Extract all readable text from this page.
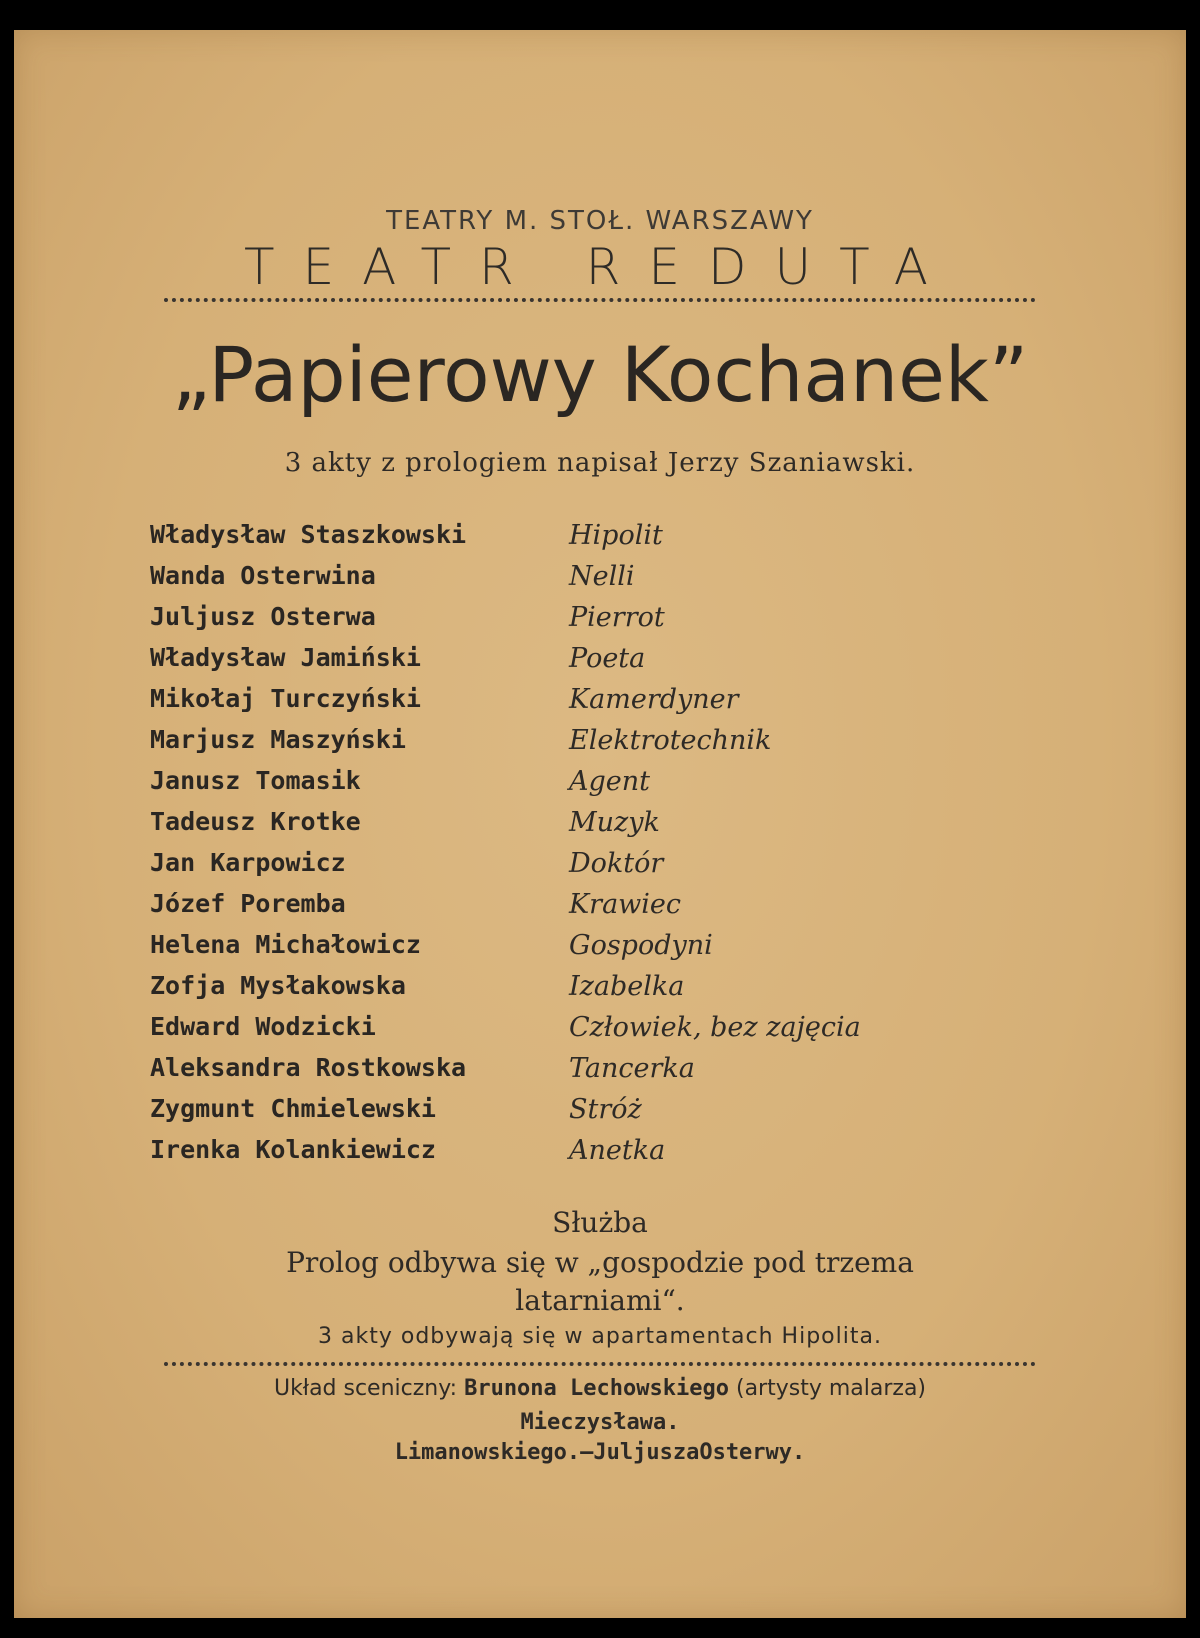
TEATRY M. STOŁ. WARSZAWY

TEATR REDUTA

„Papierowy Kochanek”

3 akty z prologiem napisał Jerzy Szaniawski.

Władysław Staszkowski	Hipolit
Wanda Osterwina	Nelli
Juljusz Osterwa	Pierrot
Władysław Jamiński	Poeta
Mikołaj Turczyński	Kamerdyner
Marjusz Maszyński	Elektrotechnik
Janusz Tomasik	Agent
Tadeusz Krotke	Muzyk
Jan Karpowicz	Doktór
Józef Poremba	Krawiec
Helena Michałowicz	Gospodyni
Zofja Mysłakowska	Izabelka
Edward Wodzicki	Człowiek, bez zajęcia
Aleksandra Rostkowska	Tancerka
Zygmunt Chmielewski	Stróż
Irenka Kolankiewicz	Anetka

Służba

Prolog odbywa się w „gospodzie pod trzema

latarniami“.

3 akty odbywają się w apartamentach Hipolita.

Układ sceniczny: Brunona Lechowskiego (artysty malarza)

Mieczysława.

Limanowskiego.—JuljuszaOsterwy.
